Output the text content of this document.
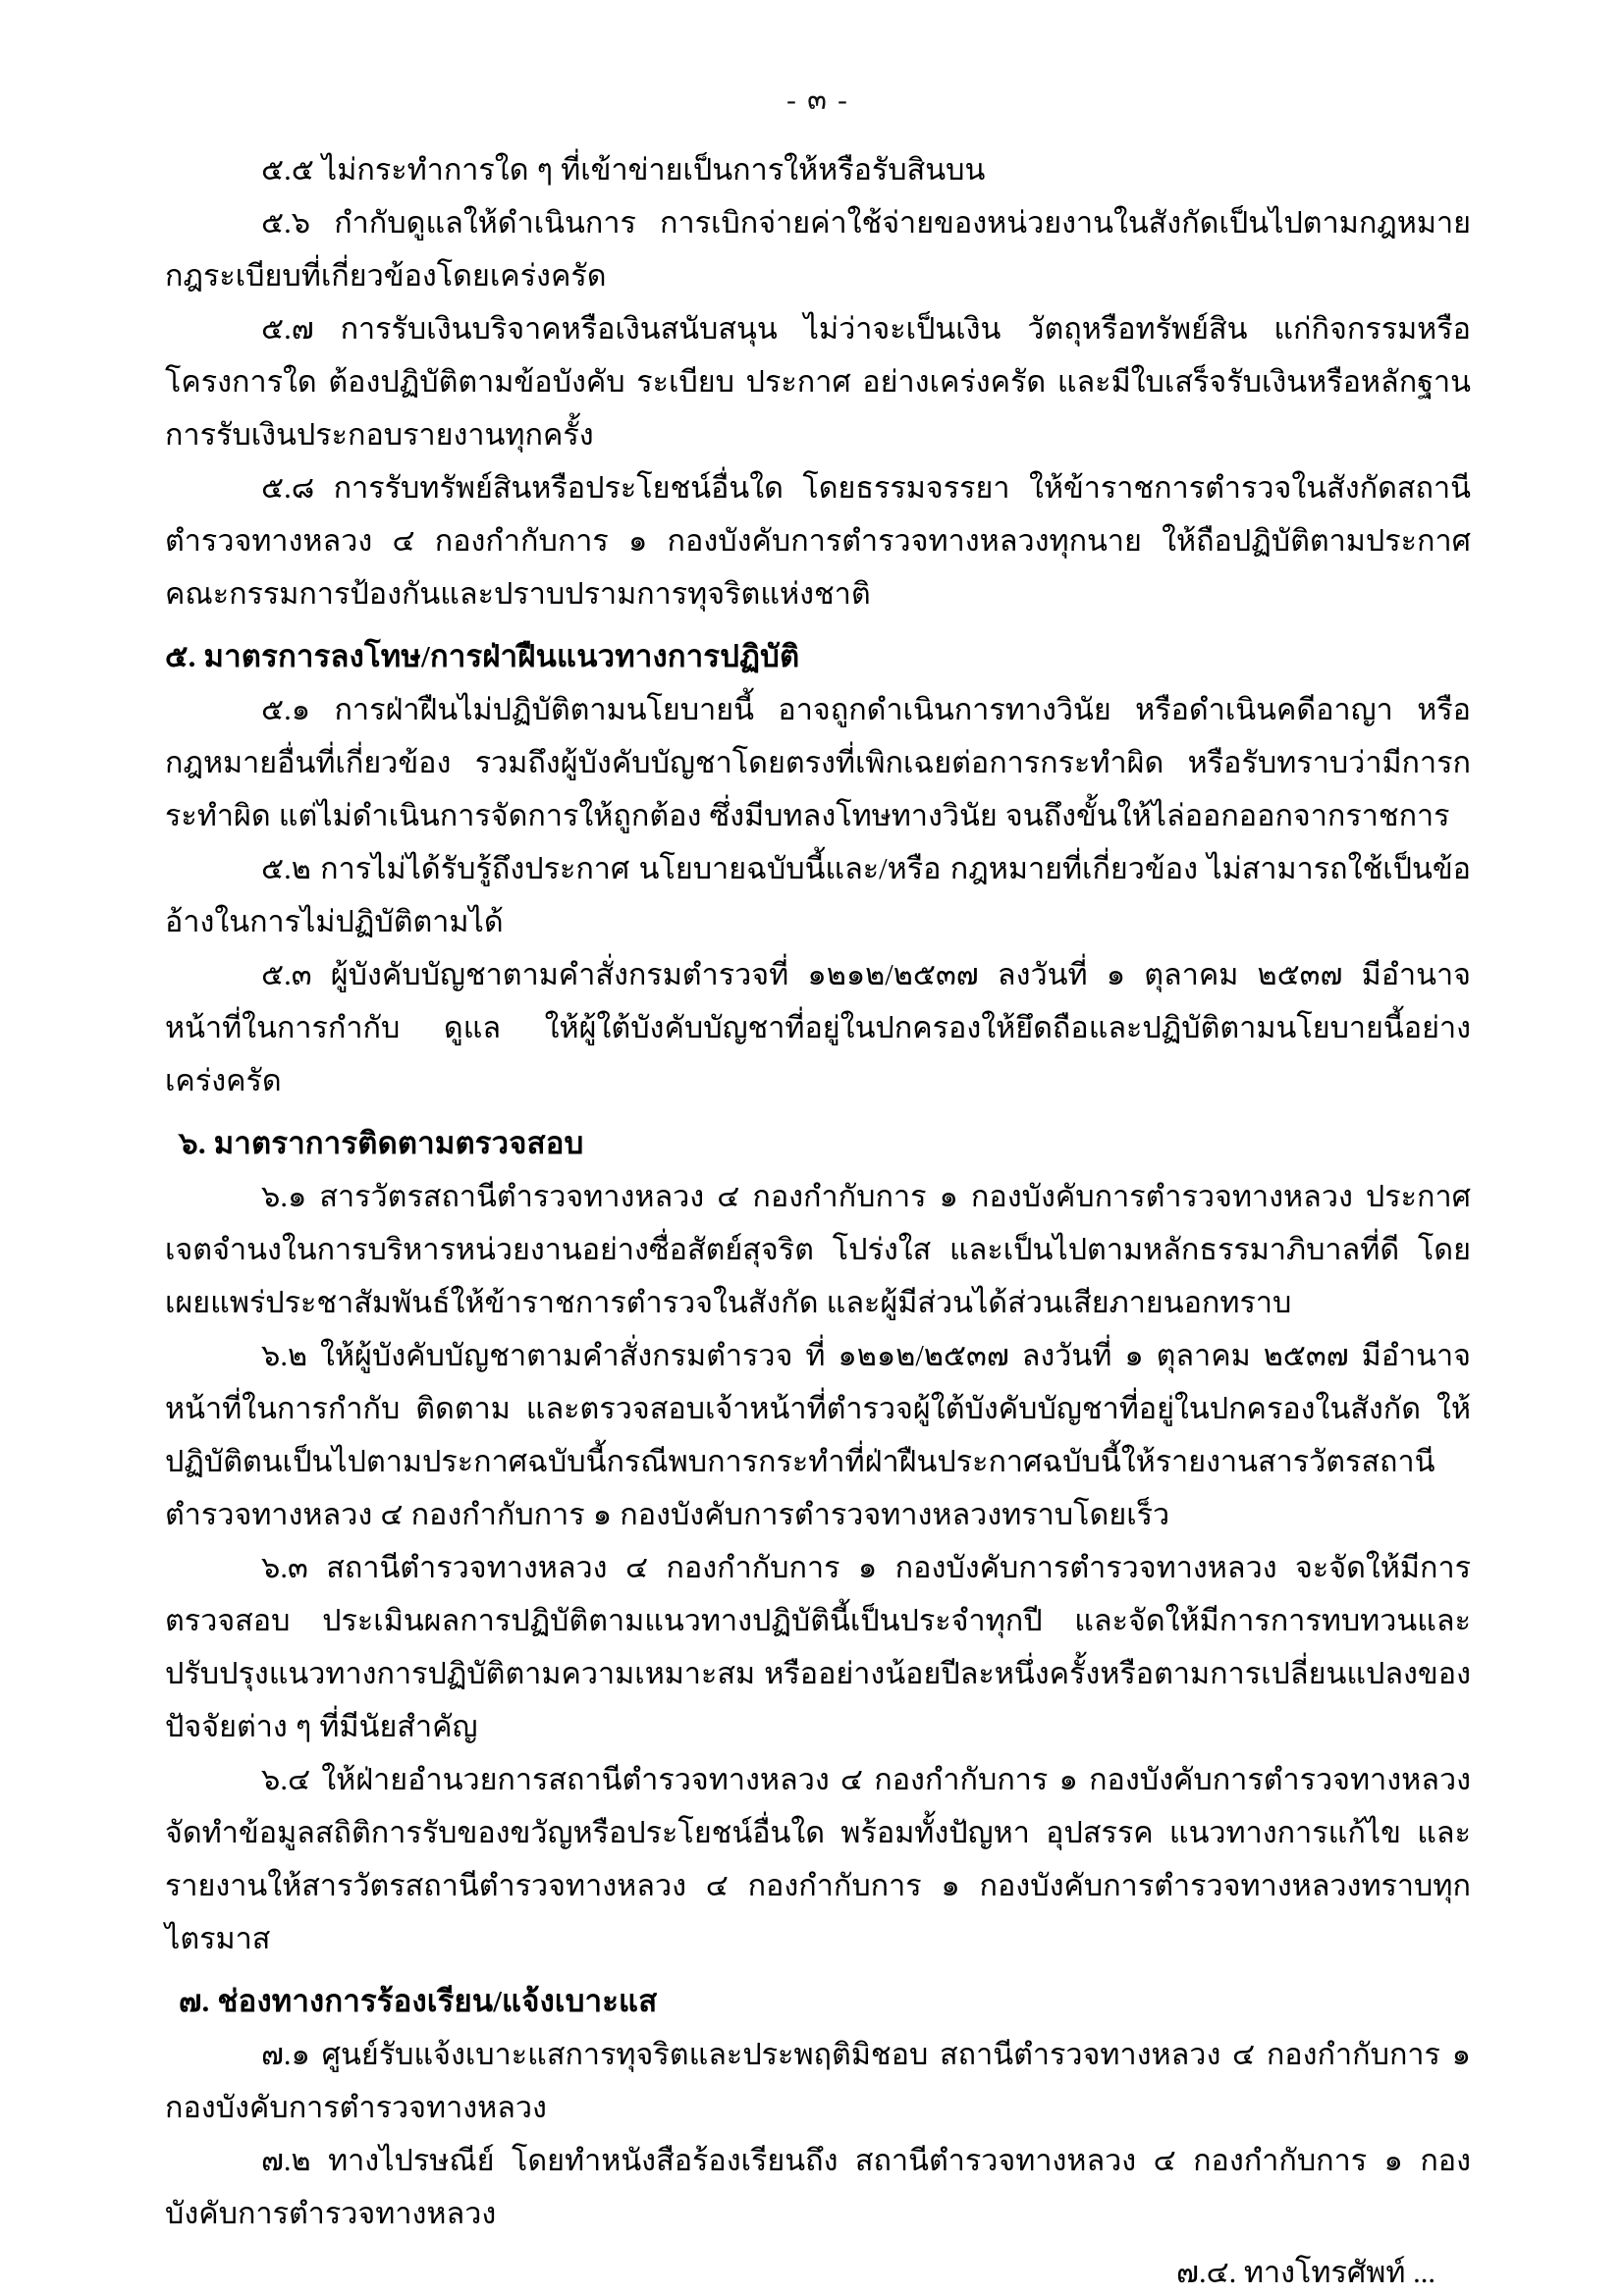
- ๓ -

๕.๕ ไม่กระทำการใด ๆ ที่เข้าข่ายเป็นการให้หรือรับสินบน

๕.๖ กำกับดูแลให้ดำเนินการ การเบิกจ่ายค่าใช้จ่ายของหน่วยงานในสังกัดเป็นไปตามกฎหมาย กฎระเบียบที่เกี่ยวข้องโดยเคร่งครัด

๕.๗ การรับเงินบริจาคหรือเงินสนับสนุน ไม่ว่าจะเป็นเงิน วัตถุหรือทรัพย์สิน แก่กิจกรรมหรือโครงการใด ต้องปฏิบัติตามข้อบังคับ ระเบียบ ประกาศ อย่างเคร่งครัด และมีใบเสร็จรับเงินหรือหลักฐานการรับเงินประกอบรายงานทุกครั้ง

๕.๘ การรับทรัพย์สินหรือประโยชน์อื่นใด โดยธรรมจรรยา ให้ข้าราชการตำรวจในสังกัดสถานีตำรวจทางหลวง ๔ กองกำกับการ ๑ กองบังคับการตำรวจทางหลวงทุกนาย ให้ถือปฏิบัติตามประกาศคณะกรรมการป้องกันและปราบปรามการทุจริตแห่งชาติ

๕. มาตรการลงโทษ/การฝ่าฝืนแนวทางการปฏิบัติ

๕.๑ การฝ่าฝืนไม่ปฏิบัติตามนโยบายนี้ อาจถูกดำเนินการทางวินัย หรือดำเนินคดีอาญา หรือกฎหมายอื่นที่เกี่ยวข้อง รวมถึงผู้บังคับบัญชาโดยตรงที่เพิกเฉยต่อการกระทำผิด หรือรับทราบว่ามีการกระทำผิด แต่ไม่ดำเนินการจัดการให้ถูกต้อง ซึ่งมีบทลงโทษทางวินัย จนถึงขั้นให้ไล่ออกออกจากราชการ

๕.๒ การไม่ได้รับรู้ถึงประกาศ นโยบายฉบับนี้และ/หรือ กฎหมายที่เกี่ยวข้อง ไม่สามารถใช้เป็นข้ออ้างในการไม่ปฏิบัติตามได้

๕.๓ ผู้บังคับบัญชาตามคำสั่งกรมตำรวจที่ ๑๒๑๒/๒๕๓๗ ลงวันที่ ๑ ตุลาคม ๒๕๓๗ มีอำนาจหน้าที่ในการกำกับ ดูแล ให้ผู้ใต้บังคับบัญชาที่อยู่ในปกครองให้ยึดถือและปฏิบัติตามนโยบายนี้อย่างเคร่งครัด

๖. มาตราการติดตามตรวจสอบ

๖.๑ สารวัตรสถานีตำรวจทางหลวง ๔ กองกำกับการ ๑ กองบังคับการตำรวจทางหลวง ประกาศเจตจำนงในการบริหารหน่วยงานอย่างซื่อสัตย์สุจริต โปร่งใส และเป็นไปตามหลักธรรมาภิบาลที่ดี โดยเผยแพร่ประชาสัมพันธ์ให้ข้าราชการตำรวจในสังกัด และผู้มีส่วนได้ส่วนเสียภายนอกทราบ

๖.๒ ให้ผู้บังคับบัญชาตามคำสั่งกรมตำรวจ ที่ ๑๒๑๒/๒๕๓๗ ลงวันที่ ๑ ตุลาคม ๒๕๓๗ มีอำนาจหน้าที่ในการกำกับ ติดตาม และตรวจสอบเจ้าหน้าที่ตำรวจผู้ใต้บังคับบัญชาที่อยู่ในปกครองในสังกัด ให้ปฏิบัติตนเป็นไปตามประกาศฉบับนี้กรณีพบการกระทำที่ฝ่าฝืนประกาศฉบับนี้ให้รายงานสารวัตรสถานีตำรวจทางหลวง ๔ กองกำกับการ ๑ กองบังคับการตำรวจทางหลวงทราบโดยเร็ว

๖.๓ สถานีตำรวจทางหลวง ๔ กองกำกับการ ๑ กองบังคับการตำรวจทางหลวง จะจัดให้มีการตรวจสอบ ประเมินผลการปฏิบัติตามแนวทางปฏิบัตินี้เป็นประจำทุกปี และจัดให้มีการการทบทวนและปรับปรุงแนวทางการปฏิบัติตามความเหมาะสม หรืออย่างน้อยปีละหนึ่งครั้งหรือตามการเปลี่ยนแปลงของปัจจัยต่าง ๆ ที่มีนัยสำคัญ

๖.๔ ให้ฝ่ายอำนวยการสถานีตำรวจทางหลวง ๔ กองกำกับการ ๑ กองบังคับการตำรวจทางหลวง จัดทำข้อมูลสถิติการรับของขวัญหรือประโยชน์อื่นใด พร้อมทั้งปัญหา อุปสรรค แนวทางการแก้ไข และรายงานให้สารวัตรสถานีตำรวจทางหลวง ๔ กองกำกับการ ๑ กองบังคับการตำรวจทางหลวงทราบทุกไตรมาส

๗. ช่องทางการร้องเรียน/แจ้งเบาะแส

๗.๑ ศูนย์รับแจ้งเบาะแสการทุจริตและประพฤติมิชอบ สถานีตำรวจทางหลวง ๔ กองกำกับการ ๑ กองบังคับการตำรวจทางหลวง

๗.๒ ทางไปรษณีย์ โดยทำหนังสือร้องเรียนถึง สถานีตำรวจทางหลวง ๔ กองกำกับการ ๑ กองบังคับการตำรวจทางหลวง

๗.๔. ทางโทรศัพท์ ...
